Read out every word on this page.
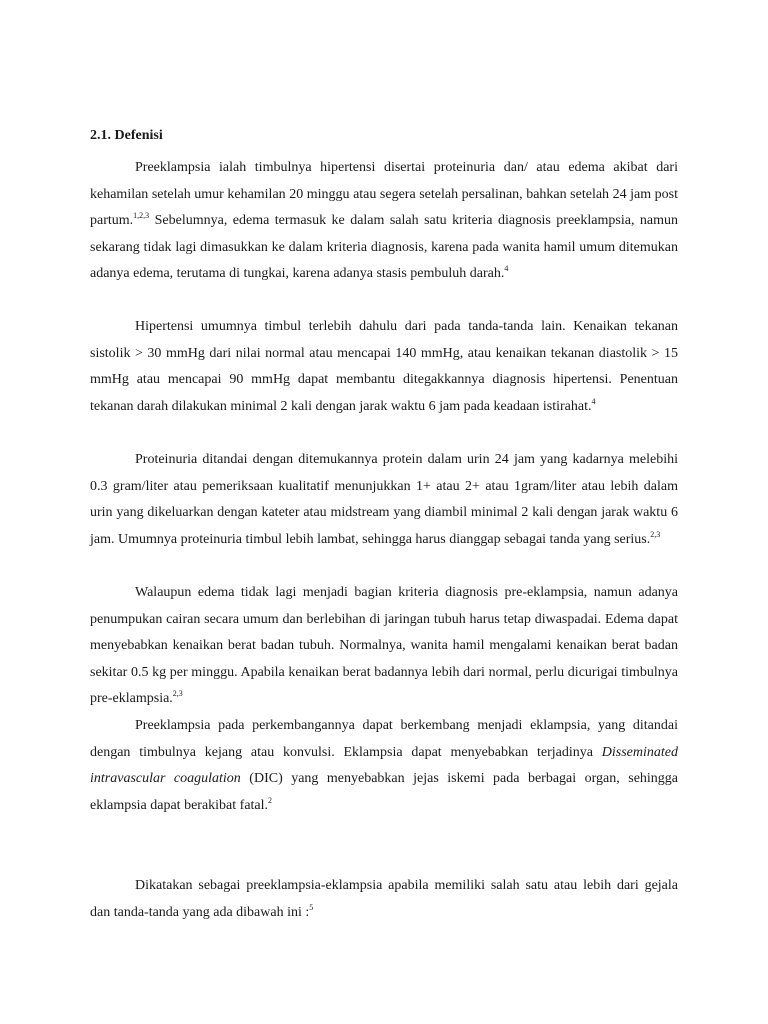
2.1. Defenisi

Preeklampsia ialah timbulnya hipertensi disertai proteinuria dan/ atau edema akibat dari kehamilan setelah umur kehamilan 20 minggu atau segera setelah persalinan, bahkan setelah 24 jam post partum.$^{1,2,3}$ Sebelumnya, edema termasuk ke dalam salah satu kriteria diagnosis preeklampsia, namun sekarang tidak lagi dimasukkan ke dalam kriteria diagnosis, karena pada wanita hamil umum ditemukan adanya edema, terutama di tungkai, karena adanya stasis pembuluh darah.$^4$

Hipertensi umumnya timbul terlebih dahulu dari pada tanda-tanda lain. Kenaikan tekanan sistolik > 30 mmHg dari nilai normal atau mencapai 140 mmHg, atau kenaikan tekanan diastolik > 15 mmHg atau mencapai 90 mmHg dapat membantu ditegakkannya diagnosis hipertensi. Penentuan tekanan darah dilakukan minimal 2 kali dengan jarak waktu 6 jam pada keadaan istirahat.$^4$

Proteinuria ditandai dengan ditemukannya protein dalam urin 24 jam yang kadarnya melebihi 0.3 gram/liter atau pemeriksaan kualitatif menunjukkan 1+ atau 2+ atau 1gram/liter atau lebih dalam urin yang dikeluarkan dengan kateter atau midstream yang diambil minimal 2 kali dengan jarak waktu 6 jam. Umumnya proteinuria timbul lebih lambat, sehingga harus dianggap sebagai tanda yang serius.$^{2,3}$

Walaupun edema tidak lagi menjadi bagian kriteria diagnosis pre-eklampsia, namun adanya penumpukan cairan secara umum dan berlebihan di jaringan tubuh harus tetap diwaspadai. Edema dapat menyebabkan kenaikan berat badan tubuh. Normalnya, wanita hamil mengalami kenaikan berat badan sekitar 0.5 kg per minggu. Apabila kenaikan berat badannya lebih dari normal, perlu dicurigai timbulnya pre-eklampsia.$^{2,3}$

Preeklampsia pada perkembangannya dapat berkembang menjadi eklampsia, yang ditandai dengan timbulnya kejang atau konvulsi. Eklampsia dapat menyebabkan terjadinya Disseminated intravascular coagulation (DIC) yang menyebabkan jejas iskemi pada berbagai organ, sehingga eklampsia dapat berakibat fatal.$^2$

Dikatakan sebagai preeklampsia-eklampsia apabila memiliki salah satu atau lebih dari gejala dan tanda-tanda yang ada dibawah ini :$^5$
